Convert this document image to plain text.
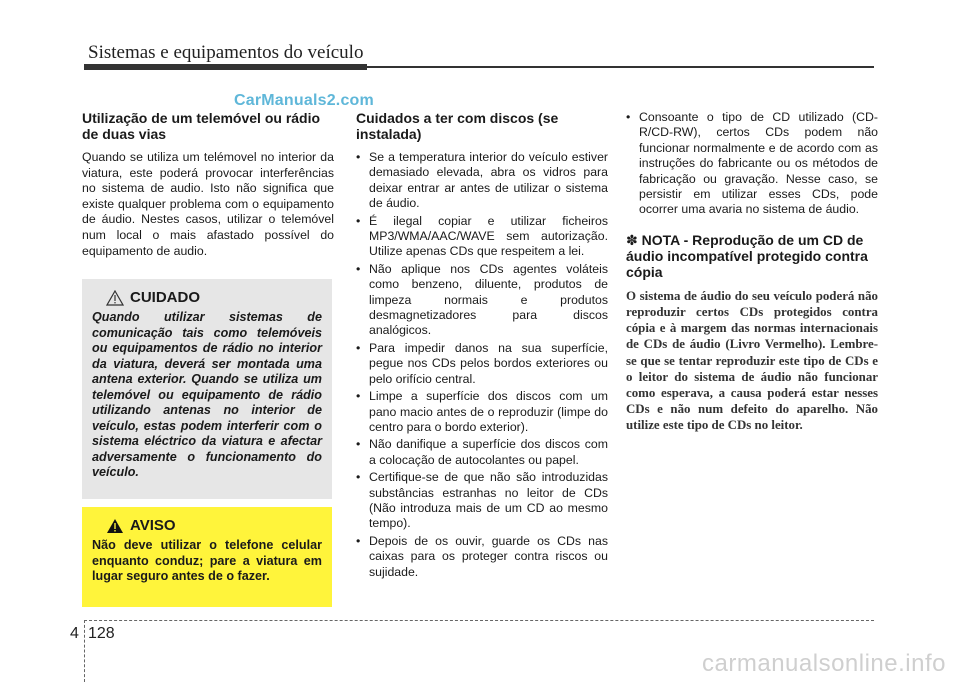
Sistemas e equipamentos do veículo
CarManuals2.com
Utilização de um telemóvel ou rádio de duas vias

Quando se utiliza um telémovel no interior da viatura, este poderá provocar interferências no sistema de audio. Isto não significa que existe qualquer problema com o equipamento de áudio. Nestes casos, utilizar o telemóvel num local o mais afastado possível do equipamento de audio.

CUIDADO
Quando utilizar sistemas de comunicação tais como telemóveis ou equipamentos de rádio no interior da viatura, deverá ser montada uma antena exterior. Quando se utiliza um telemóvel ou equipamento de rádio utilizando antenas no interior de veículo, estas podem interferir com o sistema eléctrico da viatura e afectar adversamente o funcionamento do veículo.
AVISO
Não deve utilizar o telefone celular enquanto conduz; pare a viatura em lugar seguro antes de o fazer.
Cuidados a ter com discos (se instalada)
• Se a temperatura interior do veículo estiver demasiado elevada, abra os vidros para deixar entrar ar antes de utilizar o sistema de áudio.
• É ilegal copiar e utilizar ficheiros MP3/WMA/AAC/WAVE sem autorização. Utilize apenas CDs que respeitem a lei.
• Não aplique nos CDs agentes voláteis como benzeno, diluente, produtos de limpeza normais e produtos desmagnetizadores para discos analógicos.
• Para impedir danos na sua superfície, pegue nos CDs pelos bordos exteriores ou pelo orifício central.
• Limpe a superfície dos discos com um pano macio antes de o reproduzir (limpe do centro para o bordo exterior).
• Não danifique a superfície dos discos com a colocação de autocolantes ou papel.
• Certifique-se de que não são introduzidas substâncias estranhas no leitor de CDs (Não introduza mais de um CD ao mesmo tempo).
• Depois de os ouvir, guarde os CDs nas caixas para os proteger contra riscos ou sujidade.
• Consoante o tipo de CD utilizado (CD-R/CD-RW), certos CDs podem não funcionar normalmente e de acordo com as instruções do fabricante ou os métodos de fabricação ou gravação. Nesse caso, se persistir em utilizar esses CDs, pode ocorrer uma avaria no sistema de áudio.
✽ NOTA - Reprodução de um CD de áudio incompatível protegido contra cópia
O sistema de áudio do seu veículo poderá não reproduzir certos CDs protegidos contra cópia e à margem das normas internacionais de CDs de áudio (Livro Vermelho). Lembre-se que se tentar reproduzir este tipo de CDs e o leitor do sistema de áudio não funcionar como esperava, a causa poderá estar nesses CDs e não num defeito do aparelho. Não utilize este tipo de CDs no leitor.
4 128
carmanualsonline.info
